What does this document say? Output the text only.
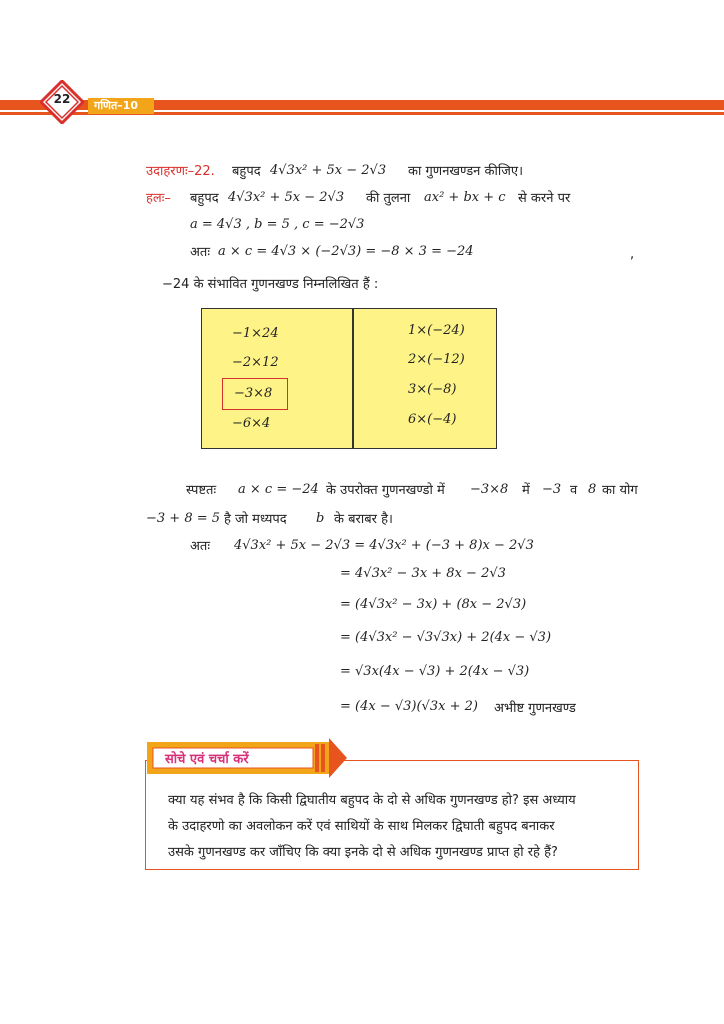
22	गणित–10
उदाहरणः–22. बहुपद 4√3x² + 5x − 2√3 का गुणनखण्डन कीजिए।
हलः– बहुपद 4√3x² + 5x − 2√3 की तुलना ax² + bx + c से करने पर
a = 4√3 , b = 5 , c = −2√3
अतः a × c = 4√3 × (−2√3) = −8 × 3 = −24	,
−24 के संभावित गुणनखण्ड निम्नलिखित हैं :
−1×24
−2×12
−3×8
−6×4
1×(−24)
2×(−12)
3×(−8)
6×(−4)
स्पष्टतः a × c = −24 के उपरोक्त गुणनखण्डो में −3×8 में −3 व 8 का योग
−3 + 8 = 5 है जो मध्यपद b के बराबर है।
अतः 4√3x² + 5x − 2√3 = 4√3x² + (−3 + 8)x − 2√3
= 4√3x² − 3x + 8x − 2√3
= (4√3x² − 3x) + (8x − 2√3)
= (4√3x² − √3√3x) + 2(4x − √3)
= √3x(4x − √3) + 2(4x − √3)
= (4x − √3)(√3x + 2) अभीष्ट गुणनखण्ड
सोचे एवं चर्चा करें
क्या यह संभव है कि किसी द्विघातीय बहुपद के दो से अधिक गुणनखण्ड हो? इस अध्याय
के उदाहरणो का अवलोकन करें एवं साथियों के साथ मिलकर द्विघाती बहुपद बनाकर
उसके गुणनखण्ड कर जाँचिए कि क्या इनके दो से अधिक गुणनखण्ड प्राप्त हो रहे हैं?
